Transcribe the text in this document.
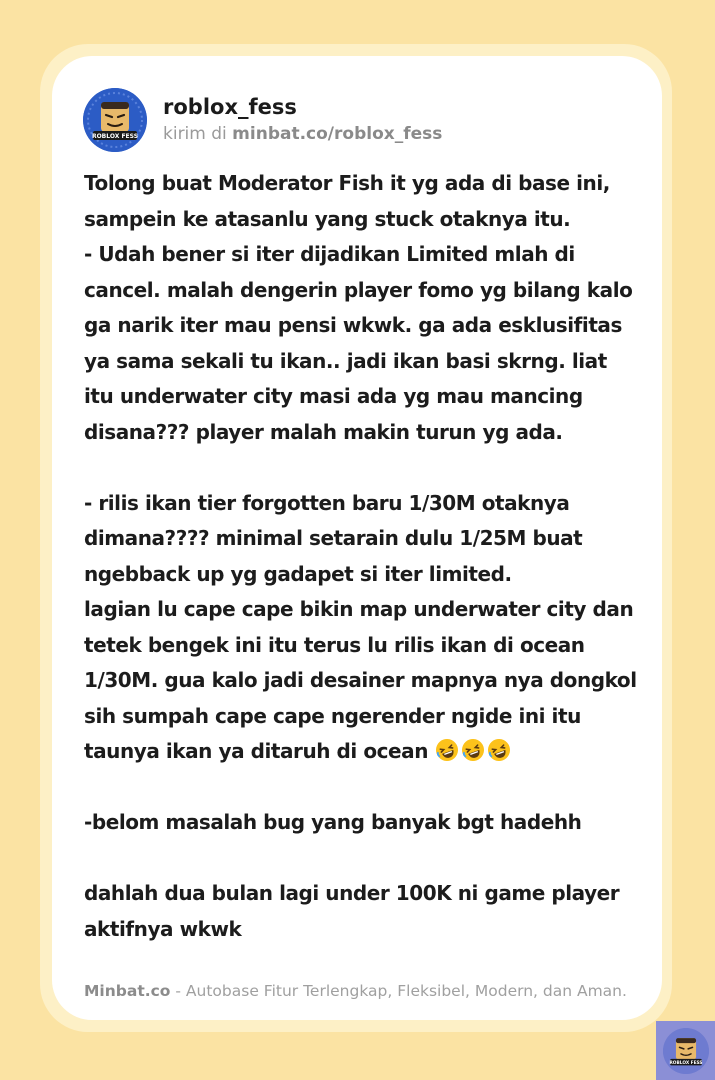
ROBLOX FESS
roblox_fess
kirim di minbat.co/roblox_fess

Tolong buat Moderator Fish it yg ada di base ini, sampein ke atasanlu yang stuck otaknya itu.

- Udah bener si iter dijadikan Limited mlah di cancel. malah dengerin player fomo yg bilang kalo ga narik iter mau pensi wkwk. ga ada esklusifitas ya sama sekali tu ikan.. jadi ikan basi skrng. liat itu underwater city masi ada yg mau mancing disana??? player malah makin turun yg ada.

- rilis ikan tier forgotten baru 1/30M otaknya dimana???? minimal setarain dulu 1/25M buat ngebback up yg gadapet si iter limited.

lagian lu cape cape bikin map underwater city dan tetek bengek ini itu terus lu rilis ikan di ocean 1/30M. gua kalo jadi desainer mapnya nya dongkol sih sumpah cape cape ngerender ngide ini itu taunya ikan ya ditaruh di ocean

-belom masalah bug yang banyak bgt hadehh

dahlah dua bulan lagi under 100K ni game player aktifnya wkwk

Minbat.co - Autobase Fitur Terlengkap, Fleksibel, Modern, dan Aman.
ROBLOX FESS
